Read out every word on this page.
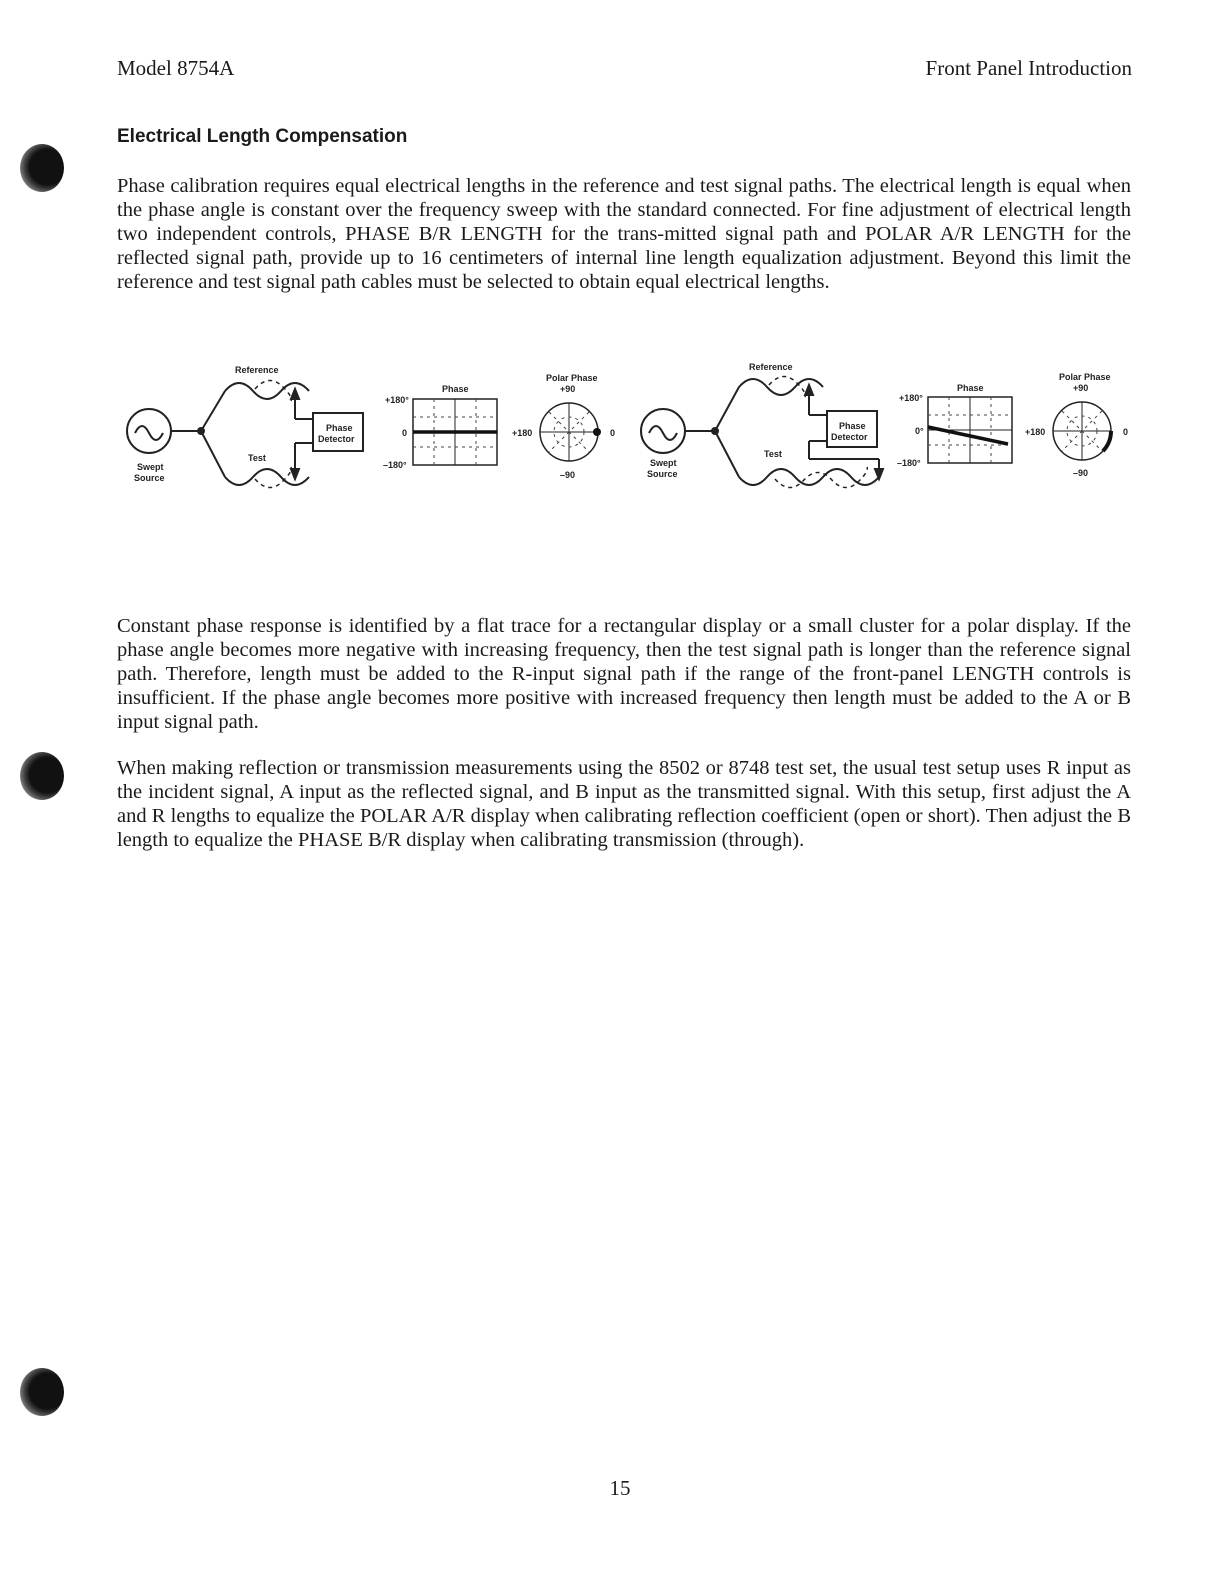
Model 8754A	Front Panel Introduction
Electrical Length Compensation

Phase calibration requires equal electrical lengths in the reference and test signal paths. The electrical length is equal when the phase angle is constant over the frequency sweep with the standard connected. For fine adjustment of electrical length two independent controls, PHASE B/R LENGTH for the trans-mitted signal path and POLAR A/R LENGTH for the reflected signal path, provide up to 16 centimeters of internal line length equalization adjustment. Beyond this limit the reference and test signal path cables must be selected to obtain equal electrical lengths.

Reference
Test
Swept
Source
Phase
Detector
Phase
+180°
0
–180°
Polar Phase
+90
+180	0
–90
Reference
Test
Swept
Source
Phase
Detector
Phase
+180°
0°
–180°
Polar Phase
+90
+180	0
–90

Constant phase response is identified by a flat trace for a rectangular display or a small cluster for a polar display. If the phase angle becomes more negative with increasing frequency, then the test signal path is longer than the reference signal path. Therefore, length must be added to the R-input signal path if the range of the front-panel LENGTH controls is insufficient. If the phase angle becomes more positive with increased frequency then length must be added to the A or B input signal path.

When making reflection or transmission measurements using the 8502 or 8748 test set, the usual test setup uses R input as the incident signal, A input as the reflected signal, and B input as the transmitted signal. With this setup, first adjust the A and R lengths to equalize the POLAR A/R display when calibrating reflection coefficient (open or short). Then adjust the B length to equalize the PHASE B/R display when calibrating transmission (through).

15
